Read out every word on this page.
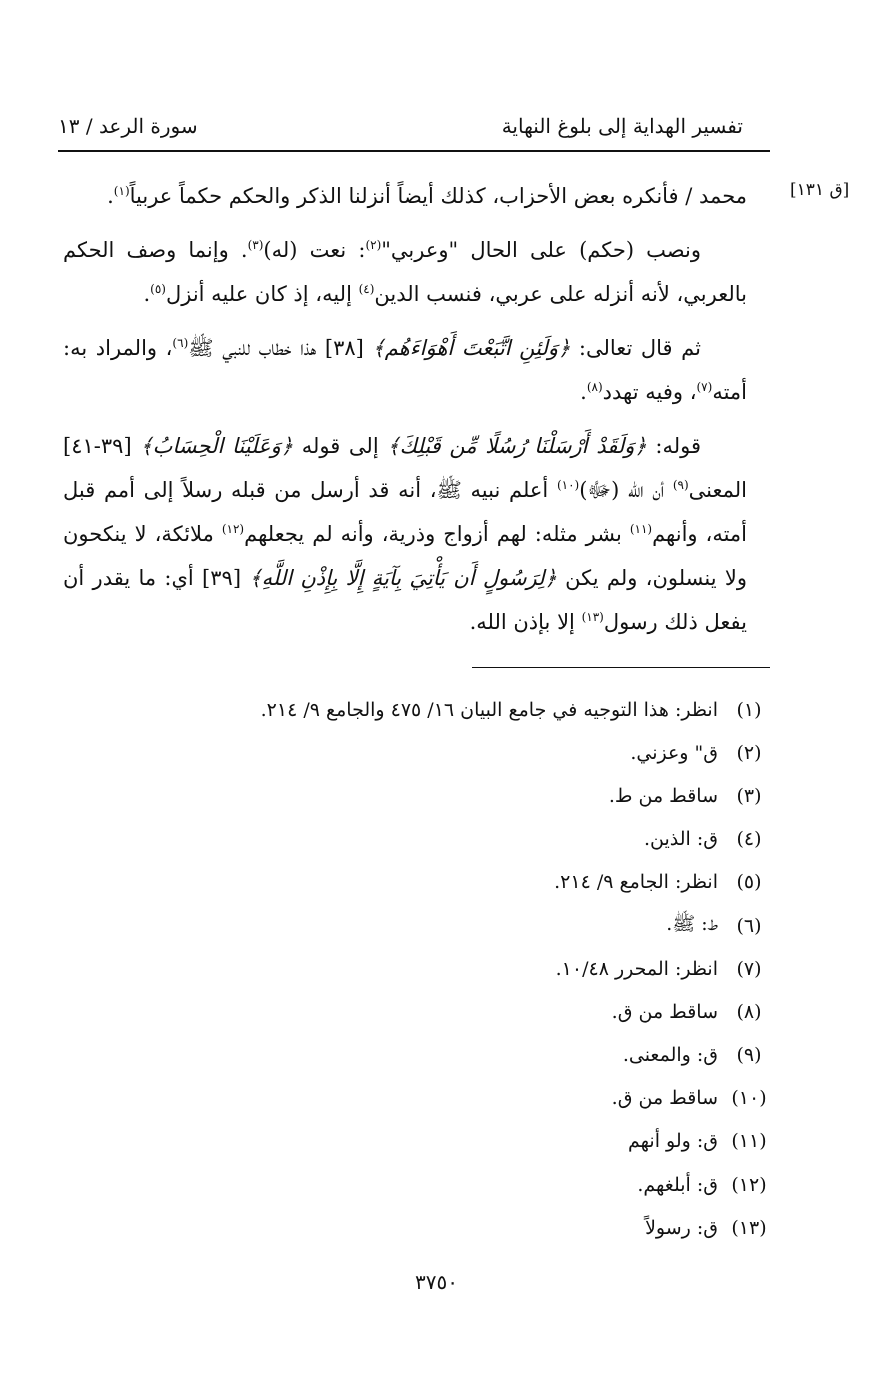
تفسير الهداية إلى بلوغ النهاية
سورة الرعد / ١٣
[ق ١٣١]

محمد / فأنكره بعض الأحزاب، كذلك أيضاً أنزلنا الذكر والحكم حكماً عربياً$^{(١)}$.

ونصب (حكم) على الحال "وعربي"$^{(٢)}$: نعت (له)$^{(٣)}$. وإنما وصف الحكم بالعربي، لأنه أنزله على عربي، فنسب الدين$^{(٤)}$ إليه، إذ كان عليه أنزل$^{(٥)}$.

ثم قال تعالى: ﴿وَلَئِنِ اتَّبَعْتَ أَهْوَاءَهُم﴾ [٣٨] هذا خطاب للنبي ﷺ$^{(٦)}$، والمراد به: أمته$^{(٧)}$، وفيه تهدد$^{(٨)}$.

قوله: ﴿وَلَقَدْ أَرْسَلْنَا رُسُلًا مِّن قَبْلِكَ﴾ إلى قوله ﴿وَعَلَيْنَا الْحِسَابُ﴾ [٣٩-٤١] المعنى$^{(٩)}$ أن الله (ﷻ)$^{(١٠)}$ أعلم نبيه ﷺ، أنه قد أرسل من قبله رسلاً إلى أمم قبل أمته، وأنهم$^{(١١)}$ بشر مثله: لهم أزواج وذرية، وأنه لم يجعلهم$^{(١٢)}$ ملائكة، لا ينكحون ولا ينسلون، ولم يكن ﴿لِرَسُولٍ أَن يَأْتِيَ بِآيَةٍ إِلَّا بِإِذْنِ اللَّهِ﴾ [٣٩] أي: ما يقدر أن يفعل ذلك رسول$^{(١٣)}$ إلا بإذن الله.

(١)
انظر: هذا التوجيه في جامع البيان ١٦/ ٤٧٥ والجامع ٩/ ٢١٤.
(٢)
ق" وعزني.
(٣)
ساقط من ط.
(٤)
ق: الذين.
(٥)
انظر: الجامع ٩/ ٢١٤.
(٦)
ط: ﷺ.
(٧)
انظر: المحرر ١٠/٤٨.
(٨)
ساقط من ق.
(٩)
ق: والمعنى.
(١٠)
ساقط من ق.
(١١)
ق: ولو أنهم
(١٢)
ق: أبلغهم.
(١٣)
ق: رسولاً
٣٧٥٠
